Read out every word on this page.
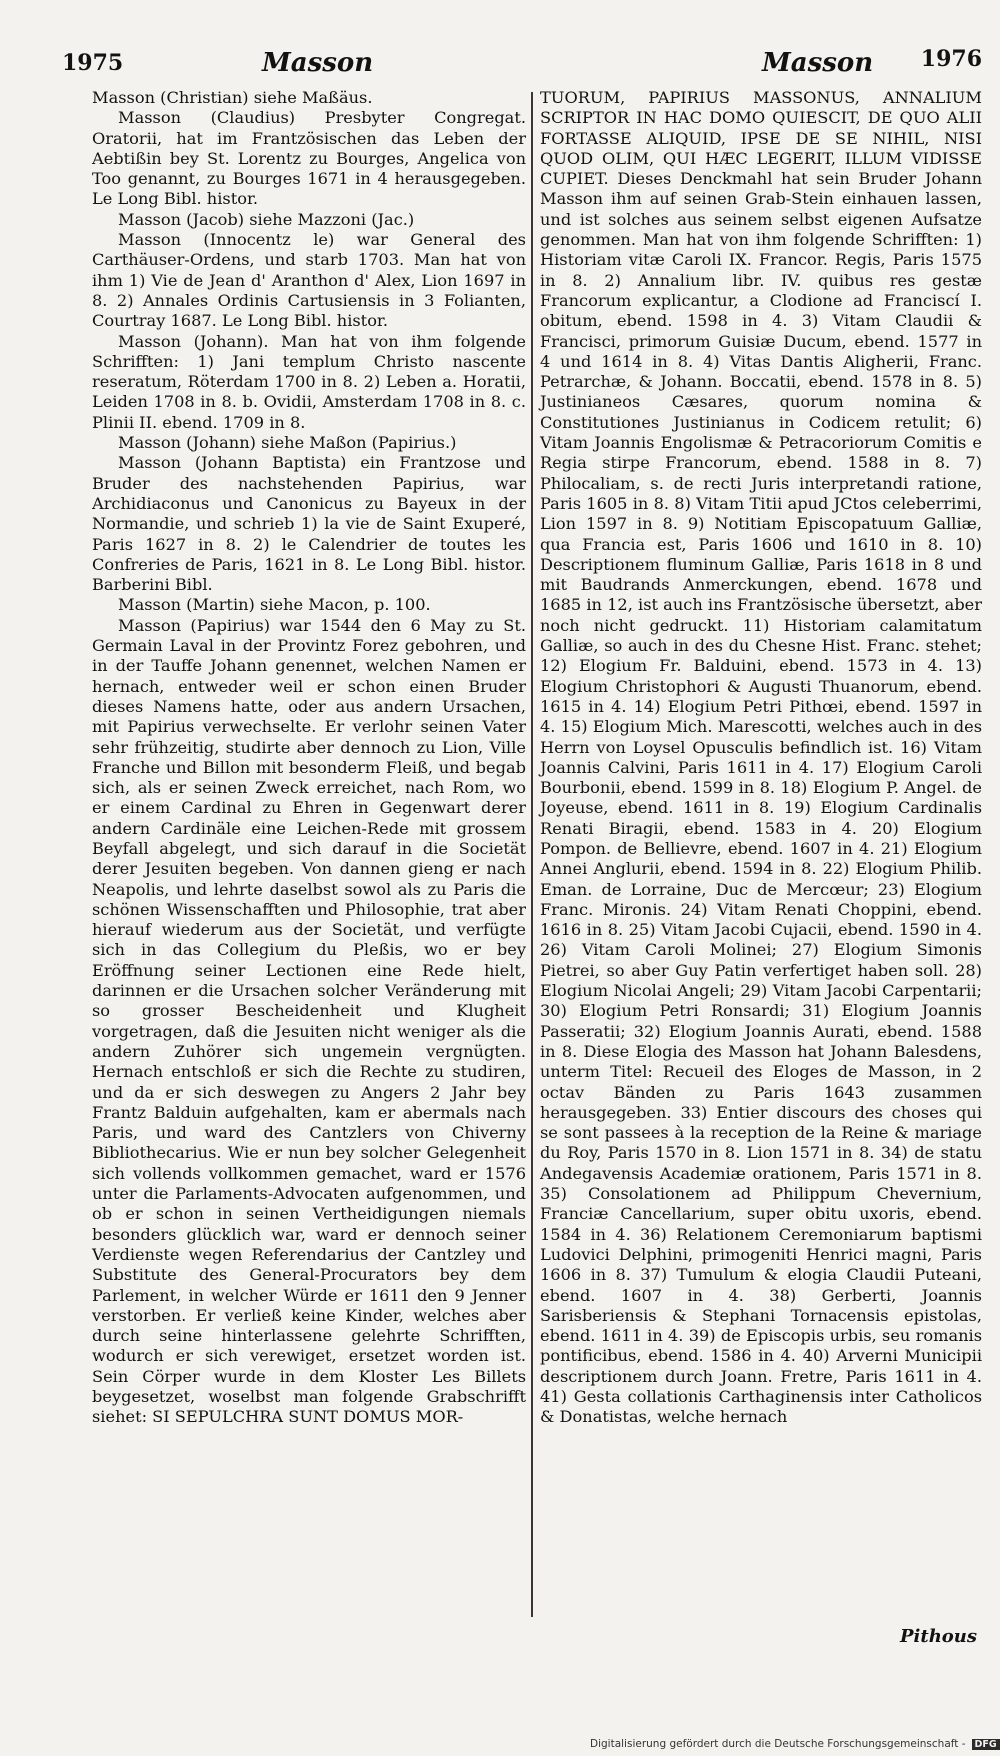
1975	Masson	Masson 1976

Masson (Christian) siehe Maßäus.

Masson (Claudius) Presbyter Congregat. Oratorii, hat im Frantzösischen das Leben der Aebtißin bey St. Lorentz zu Bourges, Angelica von Too genannt, zu Bourges 1671 in 4 herausgegeben. Le Long Bibl. histor.

Masson (Jacob) siehe Mazzoni (Jac.)

Masson (Innocentz le) war General des Carthäuser-Ordens, und starb 1703. Man hat von ihm 1) Vie de Jean d' Aranthon d' Alex, Lion 1697 in 8. 2) Annales Ordinis Cartusiensis in 3 Folianten, Courtray 1687. Le Long Bibl. histor.

Masson (Johann). Man hat von ihm folgende Schrifften: 1) Jani templum Christo nascente reseratum, Röterdam 1700 in 8. 2) Leben a. Horatii, Leiden 1708 in 8. b. Ovidii, Amsterdam 1708 in 8. c. Plinii II. ebend. 1709 in 8.

Masson (Johann) siehe Maßon (Papirius.)

Masson (Johann Baptista) ein Frantzose und Bruder des nachstehenden Papirius, war Archidiaconus und Canonicus zu Bayeux in der Normandie, und schrieb 1) la vie de Saint Exuperé, Paris 1627 in 8. 2) le Calendrier de toutes les Confreries de Paris, 1621 in 8. Le Long Bibl. histor. Barberini Bibl.

Masson (Martin) siehe Macon, p. 100.

Masson (Papirius) war 1544 den 6 May zu St. Germain Laval in der Provintz Forez gebohren, und in der Tauffe Johann genennet, welchen Namen er hernach, entweder weil er schon einen Bruder dieses Namens hatte, oder aus andern Ursachen, mit Papirius verwechselte. Er verlohr seinen Vater sehr frühzeitig, studirte aber dennoch zu Lion, Ville Franche und Billon mit besonderm Fleiß, und begab sich, als er seinen Zweck erreichet, nach Rom, wo er einem Cardinal zu Ehren in Gegenwart derer andern Cardinäle eine Leichen-Rede mit grossem Beyfall abgelegt, und sich darauf in die Societät derer Jesuiten begeben. Von dannen gieng er nach Neapolis, und lehrte daselbst sowol als zu Paris die schönen Wissenschafften und Philosophie, trat aber hierauf wiederum aus der Societät, und verfügte sich in das Collegium du Pleßis, wo er bey Eröffnung seiner Lectionen eine Rede hielt, darinnen er die Ursachen solcher Veränderung mit so grosser Bescheidenheit und Klugheit vorgetragen, daß die Jesuiten nicht weniger als die andern Zuhörer sich ungemein vergnügten. Hernach entschloß er sich die Rechte zu studiren, und da er sich deswegen zu Angers 2 Jahr bey Frantz Balduin aufgehalten, kam er abermals nach Paris, und ward des Cantzlers von Chiverny Bibliothecarius. Wie er nun bey solcher Gelegenheit sich vollends vollkommen gemachet, ward er 1576 unter die Parlaments-Advocaten aufgenommen, und ob er schon in seinen Vertheidigungen niemals besonders glücklich war, ward er dennoch seiner Verdienste wegen Referendarius der Cantzley und Substitute des General-Procurators bey dem Parlement, in welcher Würde er 1611 den 9 Jenner verstorben. Er verließ keine Kinder, welches aber durch seine hinterlassene gelehrte Schrifften, wodurch er sich verewiget, ersetzet worden ist. Sein Cörper wurde in dem Kloster Les Billets beygesetzet, woselbst man folgende Grabschrifft siehet: SI SEPULCHRA SUNT DOMUS MOR-

TUORUM, PAPIRIUS MASSONUS, ANNALIUM SCRIPTOR IN HAC DOMO QUIESCIT, DE QUO ALII FORTASSE ALIQUID, IPSE DE SE NIHIL, NISI QUOD OLIM, QUI HÆC LEGERIT, ILLUM VIDISSE CUPIET. Dieses Denckmahl hat sein Bruder Johann Masson ihm auf seinen Grab-Stein einhauen lassen, und ist solches aus seinem selbst eigenen Aufsatze genommen. Man hat von ihm folgende Schrifften: 1) Historiam vitæ Caroli IX. Francor. Regis, Paris 1575 in 8. 2) Annalium libr. IV. quibus res gestæ Francorum explicantur, a Clodione ad Franciscí I. obitum, ebend. 1598 in 4. 3) Vitam Claudii & Francisci, primorum Guisiæ Ducum, ebend. 1577 in 4 und 1614 in 8. 4) Vitas Dantis Aligherii, Franc. Petrarchæ, & Johann. Boccatii, ebend. 1578 in 8. 5) Justinianeos Cæsares, quorum nomina & Constitutiones Justinianus in Codicem retulit; 6) Vitam Joannis Engolismæ & Petracoriorum Comitis e Regia stirpe Francorum, ebend. 1588 in 8. 7) Philocaliam, s. de recti Juris interpretandi ratione, Paris 1605 in 8. 8) Vitam Titii apud JCtos celeberrimi, Lion 1597 in 8. 9) Notitiam Episcopatuum Galliæ, qua Francia est, Paris 1606 und 1610 in 8. 10) Descriptionem fluminum Galliæ, Paris 1618 in 8 und mit Baudrands Anmerckungen, ebend. 1678 und 1685 in 12, ist auch ins Frantzösische übersetzt, aber noch nicht gedruckt. 11) Historiam calamitatum Galliæ, so auch in des du Chesne Hist. Franc. stehet; 12) Elogium Fr. Balduini, ebend. 1573 in 4. 13) Elogium Christophori & Augusti Thuanorum, ebend. 1615 in 4. 14) Elogium Petri Pithœi, ebend. 1597 in 4. 15) Elogium Mich. Marescotti, welches auch in des Herrn von Loysel Opusculis befindlich ist. 16) Vitam Joannis Calvini, Paris 1611 in 4. 17) Elogium Caroli Bourbonii, ebend. 1599 in 8. 18) Elogium P. Angel. de Joyeuse, ebend. 1611 in 8. 19) Elogium Cardinalis Renati Biragii, ebend. 1583 in 4. 20) Elogium Pompon. de Bellievre, ebend. 1607 in 4. 21) Elogium Annei Anglurii, ebend. 1594 in 8. 22) Elogium Philib. Eman. de Lorraine, Duc de Mercœur; 23) Elogium Franc. Mironis. 24) Vitam Renati Choppini, ebend. 1616 in 8. 25) Vitam Jacobi Cujacii, ebend. 1590 in 4. 26) Vitam Caroli Molinei; 27) Elogium Simonis Pietrei, so aber Guy Patin verfertiget haben soll. 28) Elogium Nicolai Angeli; 29) Vitam Jacobi Carpentarii; 30) Elogium Petri Ronsardi; 31) Elogium Joannis Passeratii; 32) Elogium Joannis Aurati, ebend. 1588 in 8. Diese Elogia des Masson hat Johann Balesdens, unterm Titel: Recueil des Eloges de Masson, in 2 octav Bänden zu Paris 1643 zusammen herausgegeben. 33) Entier discours des choses qui se sont passees à la reception de la Reine & mariage du Roy, Paris 1570 in 8. Lion 1571 in 8. 34) de statu Andegavensis Academiæ orationem, Paris 1571 in 8. 35) Consolationem ad Philippum Chevernium, Franciæ Cancellarium, super obitu uxoris, ebend. 1584 in 4. 36) Relationem Ceremoniarum baptismi Ludovici Delphini, primogeniti Henrici magni, Paris 1606 in 8. 37) Tumulum & elogia Claudii Puteani, ebend. 1607 in 4. 38) Gerberti, Joannis Sarisberiensis & Stephani Tornacensis epistolas, ebend. 1611 in 4. 39) de Episcopis urbis, seu romanis pontificibus, ebend. 1586 in 4. 40) Arverni Municipii descriptionem durch Joann. Fretre, Paris 1611 in 4. 41) Gesta collationis Carthaginensis inter Catholicos & Donatistas, welche hernach

Pithous
Digitalisierung gefördert durch die Deutsche Forschungsgemeinschaft - DFG
